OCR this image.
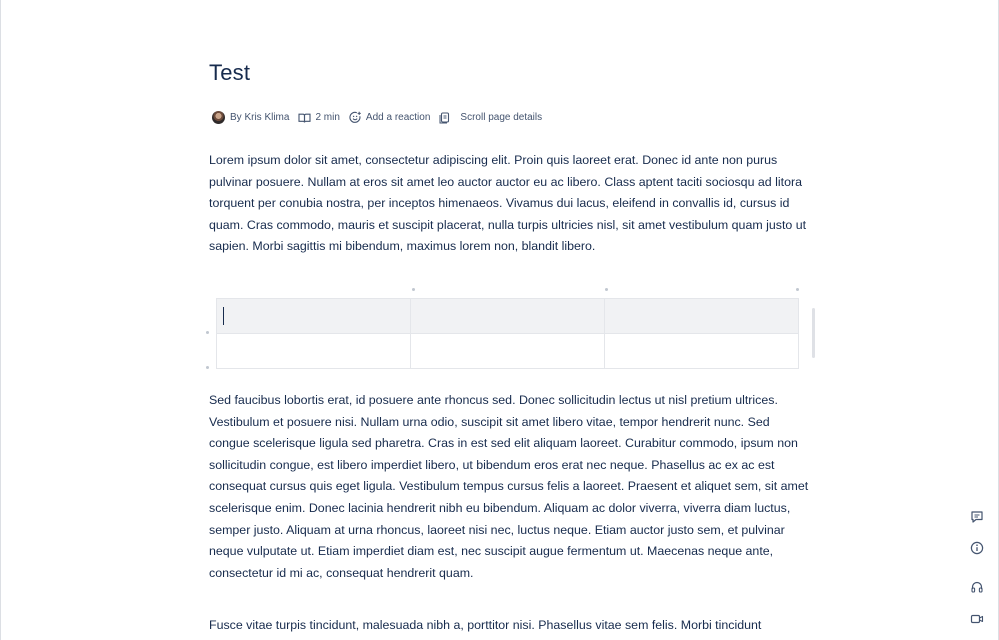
Test
By Kris Klima	2 min	Add a reaction	Scroll page details

Lorem ipsum dolor sit amet, consectetur adipiscing elit. Proin quis laoreet erat. Donec id ante non purus pulvinar posuere. Nullam at eros sit amet leo auctor auctor eu ac libero. Class aptent taciti sociosqu ad litora torquent per conubia nostra, per inceptos himenaeos. Vivamus dui lacus, eleifend in convallis id, cursus id quam. Cras commodo, mauris et suscipit placerat, nulla turpis ultricies nisl, sit amet vestibulum quam justo ut sapien. Morbi sagittis mi bibendum, maximus lorem non, blandit libero.

Sed faucibus lobortis erat, id posuere ante rhoncus sed. Donec sollicitudin lectus ut nisl pretium ultrices. Vestibulum et posuere nisi. Nullam urna odio, suscipit sit amet libero vitae, tempor hendrerit nunc. Sed congue scelerisque ligula sed pharetra. Cras in est sed elit aliquam laoreet. Curabitur commodo, ipsum non sollicitudin congue, est libero imperdiet libero, ut bibendum eros erat nec neque. Phasellus ac ex ac est consequat cursus quis eget ligula. Vestibulum tempus cursus felis a laoreet. Praesent et aliquet sem, sit amet scelerisque enim. Donec lacinia hendrerit nibh eu bibendum. Aliquam ac dolor viverra, viverra diam luctus, semper justo. Aliquam at urna rhoncus, laoreet nisi nec, luctus neque. Etiam auctor justo sem, et pulvinar neque vulputate ut. Etiam imperdiet diam est, nec suscipit augue fermentum ut. Maecenas neque ante, consectetur id mi ac, consequat hendrerit quam.

Fusce vitae turpis tincidunt, malesuada nibh a, porttitor nisi. Phasellus vitae sem felis. Morbi tincidunt
